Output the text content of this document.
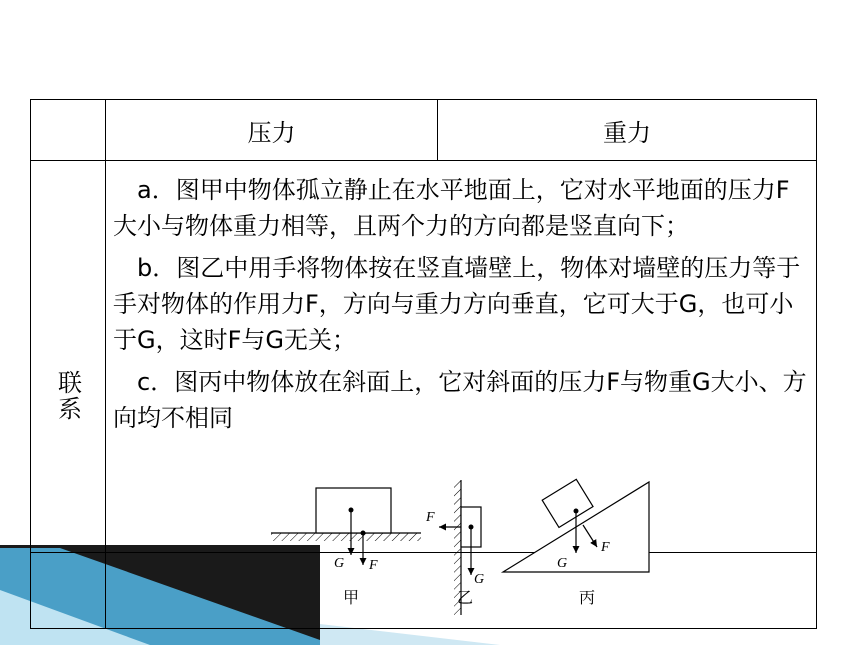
压力	重力
联系

　a．图甲中物体孤立静止在水平地面上，它对水平地面的压力F大小与物体重力相等，且两个力的方向都是竖直向下；

　b．图乙中用手将物体按在竖直墙壁上，物体对墙壁的压力等于手对物体的作用力F，方向与重力方向垂直，它可大于G，也可小于G，这时F与G无关；

　c．图丙中物体放在斜面上，它对斜面的压力F与物重G大小、方向均不相同

G F
甲
F
G
乙
G
F
丙
